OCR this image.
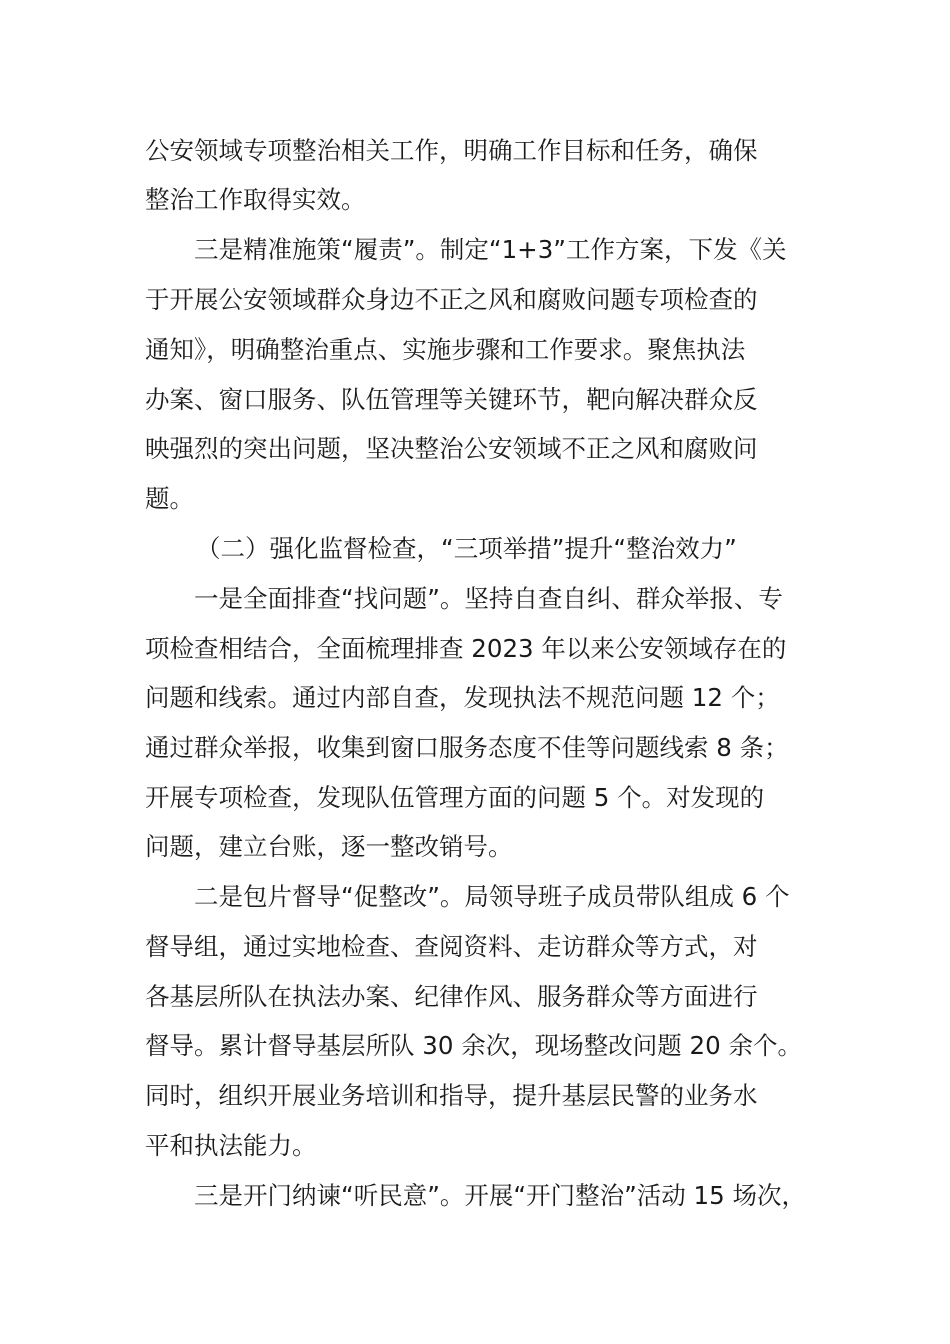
公安领域专项整治相关工作，明确工作目标和任务，确保

整治工作取得实效。

三是精准施策“履责”。制定“1+3”工作方案，下发《关

于开展公安领域群众身边不正之风和腐败问题专项检查的

通知》，明确整治重点、实施步骤和工作要求。聚焦执法

办案、窗口服务、队伍管理等关键环节，靶向解决群众反

映强烈的突出问题，坚决整治公安领域不正之风和腐败问

题。

（二）强化监督检查，“三项举措”提升“整治效力”

一是全面排查“找问题”。坚持自查自纠、群众举报、专

项检查相结合，全面梳理排查 2023 年以来公安领域存在的

问题和线索。通过内部自查，发现执法不规范问题 12 个；

通过群众举报，收集到窗口服务态度不佳等问题线索 8 条；

开展专项检查，发现队伍管理方面的问题 5 个。对发现的

问题，建立台账，逐一整改销号。

二是包片督导“促整改”。局领导班子成员带队组成 6 个

督导组，通过实地检查、查阅资料、走访群众等方式，对

各基层所队在执法办案、纪律作风、服务群众等方面进行

督导。累计督导基层所队 30 余次，现场整改问题 20 余个。

同时，组织开展业务培训和指导，提升基层民警的业务水

平和执法能力。

三是开门纳谏“听民意”。开展“开门整治”活动 15 场次，
